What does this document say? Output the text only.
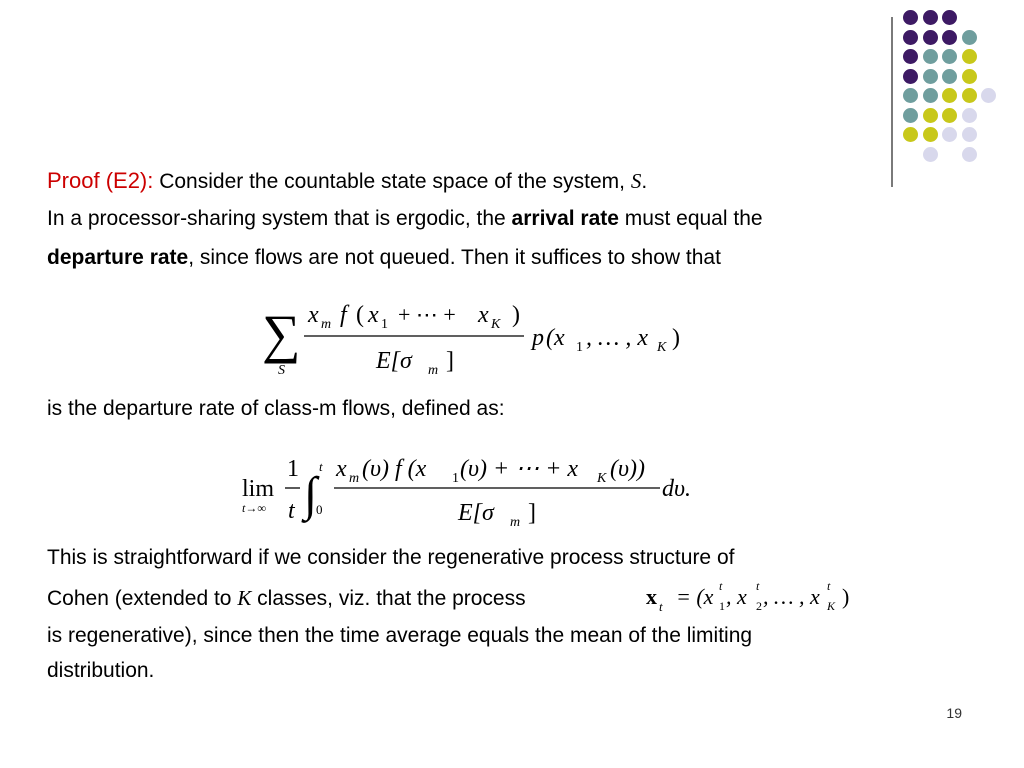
Proof (E2): Consider the countable state space of the system, S.
In a processor-sharing system that is ergodic, the arrival rate must equal the
departure rate, since flows are not queued. Then it suffices to show that
∑
S
x m f ( x 1 + ⋯ + x K )
E[σ m ]
p (x 1 , … , x K )
is the departure rate of class-m flows, defined as:
lim
t→∞
1
t ∫
t
0
x m (υ) f (x 1 (υ) + ⋯ + x K (υ))
E[σ m ]
dυ.
This is straightforward if we consider the regenerative process structure of
Cohen (extended to K classes, viz. that the process	x t = (x t
1 , x t
2 , … , x t
K )
is regenerative), since then the time average equals the mean of the limiting
distribution.
19
